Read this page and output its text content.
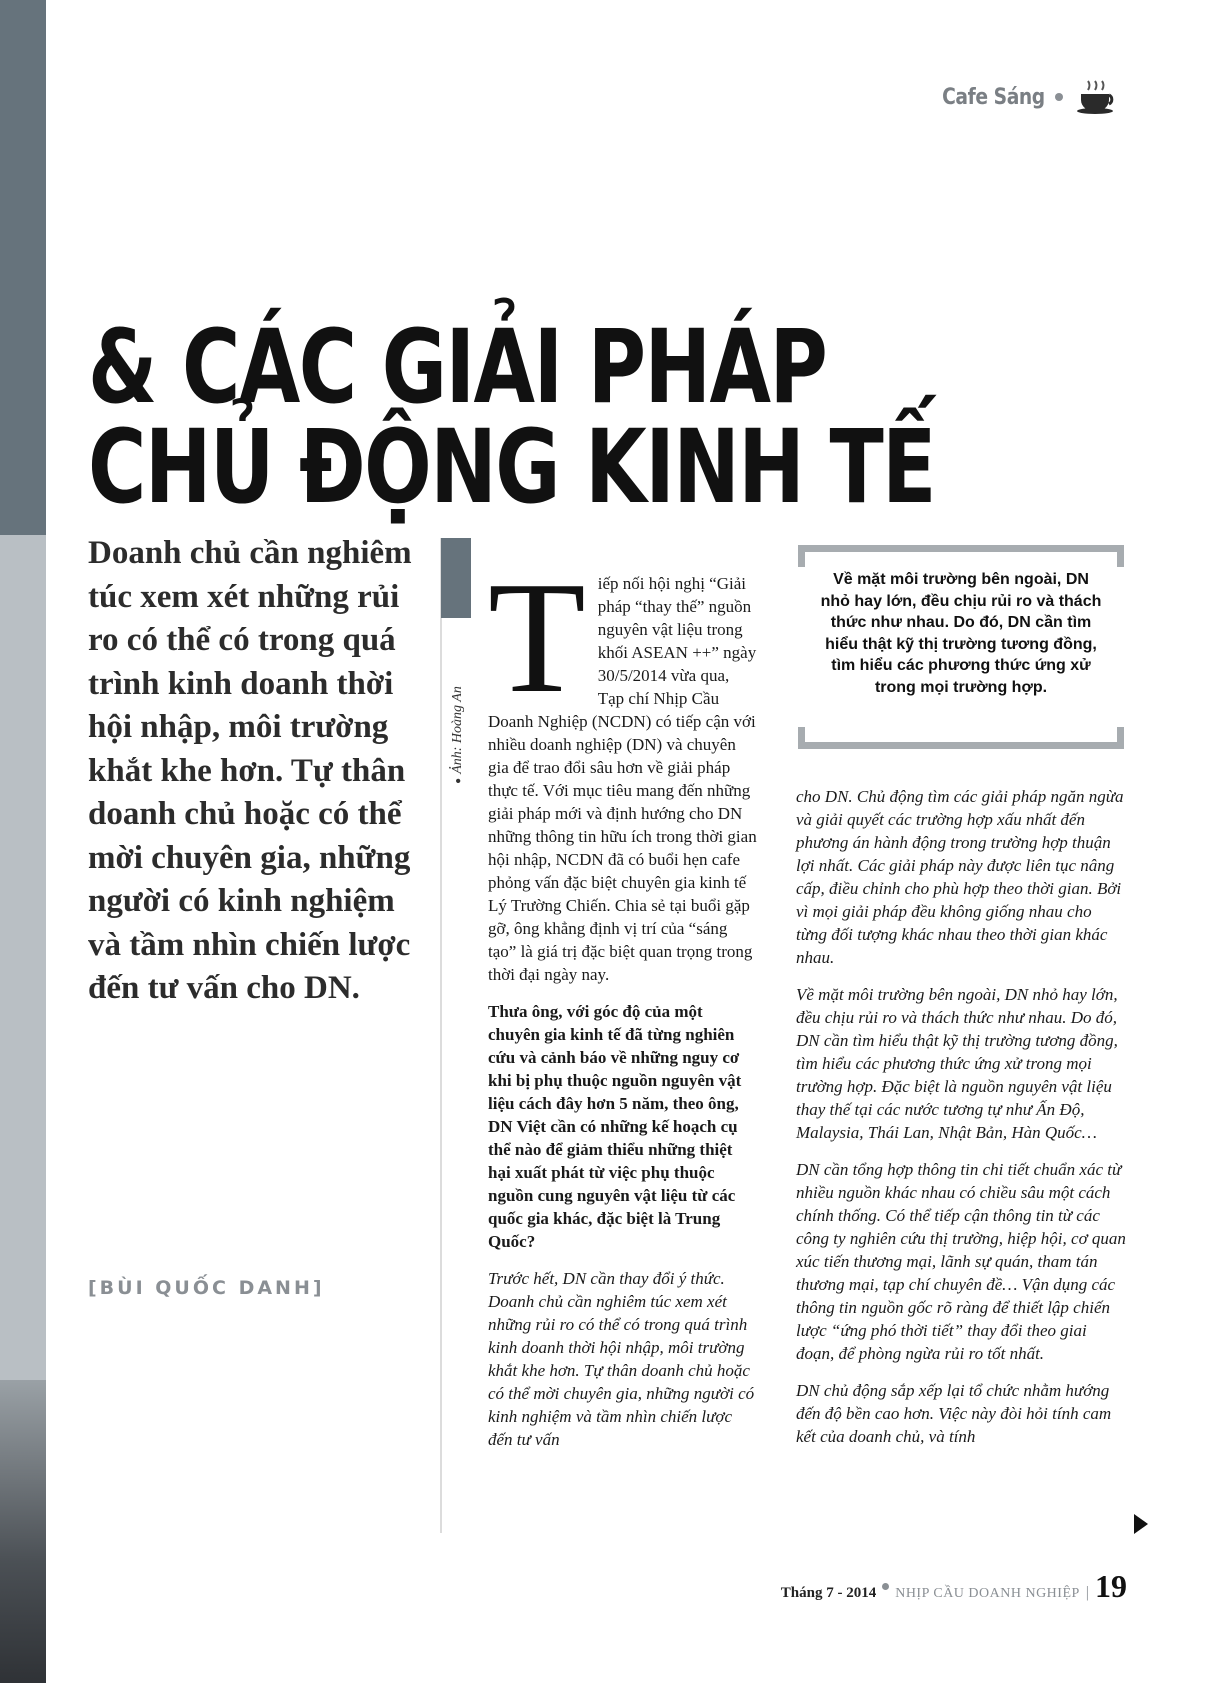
Cafe Sáng
& CÁC GIẢI PHÁP
CHỦ ĐỘNG KINH TẾ

Doanh chủ cần nghiêm túc xem xét những rủi ro có thể có trong quá trình kinh doanh thời hội nhập, môi trường khắt khe hơn. Tự thân doanh chủ hoặc có thể mời chuyên gia, những người có kinh nghiệm và tầm nhìn chiến lược đến tư vấn cho DN.

[BÙI QUỐC DANH]

● Ảnh: Hoàng An

T iếp nối hội nghị “Giải pháp “thay thế” nguồn nguyên vật liệu trong khối ASEAN ++” ngày 30/5/2014 vừa qua, Tạp chí Nhịp Cầu Doanh Nghiệp (NCDN) có tiếp cận với nhiều doanh nghiệp (DN) và chuyên gia để trao đổi sâu hơn về giải pháp thực tế. Với mục tiêu mang đến những giải pháp mới và định hướng cho DN những thông tin hữu ích trong thời gian hội nhập, NCDN đã có buổi hẹn cafe phỏng vấn đặc biệt chuyên gia kinh tế Lý Trường Chiến. Chia sẻ tại buổi gặp gỡ, ông khẳng định vị trí của “sáng tạo” là giá trị đặc biệt quan trọng trong thời đại ngày nay.

Thưa ông, với góc độ của một chuyên gia kinh tế đã từng nghiên cứu và cảnh báo về những nguy cơ khi bị phụ thuộc nguồn nguyên vật liệu cách đây hơn 5 năm, theo ông, DN Việt cần có những kế hoạch cụ thể nào để giảm thiểu những thiệt hại xuất phát từ việc phụ thuộc nguồn cung nguyên vật liệu từ các quốc gia khác, đặc biệt là Trung Quốc?

Trước hết, DN cần thay đổi ý thức. Doanh chủ cần nghiêm túc xem xét những rủi ro có thể có trong quá trình kinh doanh thời hội nhập, môi trường khắt khe hơn. Tự thân doanh chủ hoặc có thể mời chuyên gia, những người có kinh nghiệm và tầm nhìn chiến lược đến tư vấn

Về mặt môi trường bên ngoài, DN nhỏ hay lớn, đều chịu rủi ro và thách thức như nhau. Do đó, DN cần tìm hiểu thật kỹ thị trường tương đồng, tìm hiểu các phương thức ứng xử trong mọi trường hợp.

cho DN. Chủ động tìm các giải pháp ngăn ngừa và giải quyết các trường hợp xấu nhất đến phương án hành động trong trường hợp thuận lợi nhất. Các giải pháp này được liên tục nâng cấp, điều chỉnh cho phù hợp theo thời gian. Bởi vì mọi giải pháp đều không giống nhau cho từng đối tượng khác nhau theo thời gian khác nhau.

Về mặt môi trường bên ngoài, DN nhỏ hay lớn, đều chịu rủi ro và thách thức như nhau. Do đó, DN cần tìm hiểu thật kỹ thị trường tương đồng, tìm hiểu các phương thức ứng xử trong mọi trường hợp. Đặc biệt là nguồn nguyên vật liệu thay thế tại các nước tương tự như Ấn Độ, Malaysia, Thái Lan, Nhật Bản, Hàn Quốc…

DN cần tổng hợp thông tin chi tiết chuẩn xác từ nhiều nguồn khác nhau có chiều sâu một cách chính thống. Có thể tiếp cận thông tin từ các công ty nghiên cứu thị trường, hiệp hội, cơ quan xúc tiến thương mại, lãnh sự quán, tham tán thương mại, tạp chí chuyên đề… Vận dụng các thông tin nguồn gốc rõ ràng để thiết lập chiến lược “ứng phó thời tiết” thay đổi theo giai đoạn, để phòng ngừa rủi ro tốt nhất.

DN chủ động sắp xếp lại tổ chức nhằm hướng đến độ bền cao hơn. Việc này đòi hỏi tính cam kết của doanh chủ, và tính

Tháng 7 - 2014 NHỊP CẦU DOANH NGHIỆP | 19
